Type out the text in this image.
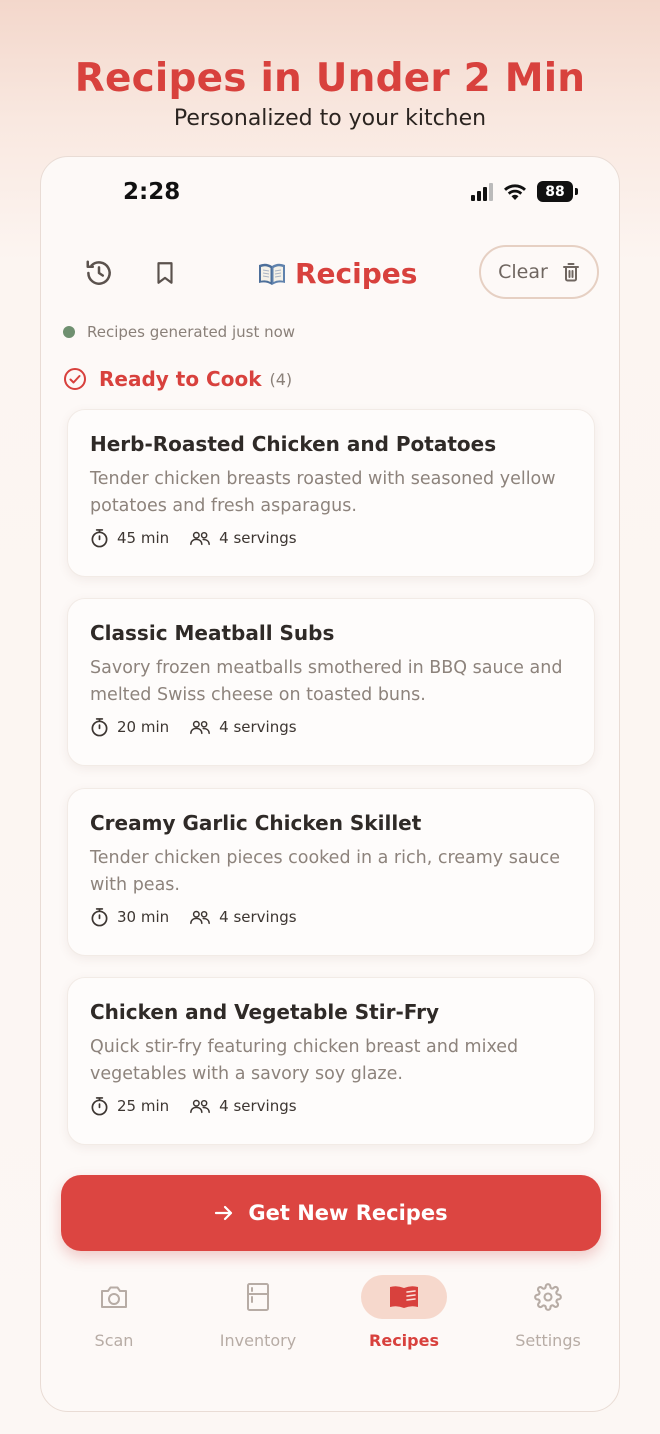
Recipes in Under 2 Min
Personalized to your kitchen
2:28	88
Recipes	Clear
Recipes generated just now
Ready to Cook (4)
Herb-Roasted Chicken and Potatoes
Tender chicken breasts roasted with seasoned yellow potatoes and fresh asparagus.
45 min	4 servings
Classic Meatball Subs
Savory frozen meatballs smothered in BBQ sauce and melted Swiss cheese on toasted buns.
20 min	4 servings
Creamy Garlic Chicken Skillet
Tender chicken pieces cooked in a rich, creamy sauce with peas.
30 min	4 servings
Chicken and Vegetable Stir-Fry
Quick stir-fry featuring chicken breast and mixed vegetables with a savory soy glaze.
25 min	4 servings
Get New Recipes
Scan	Inventory	Recipes	Settings
